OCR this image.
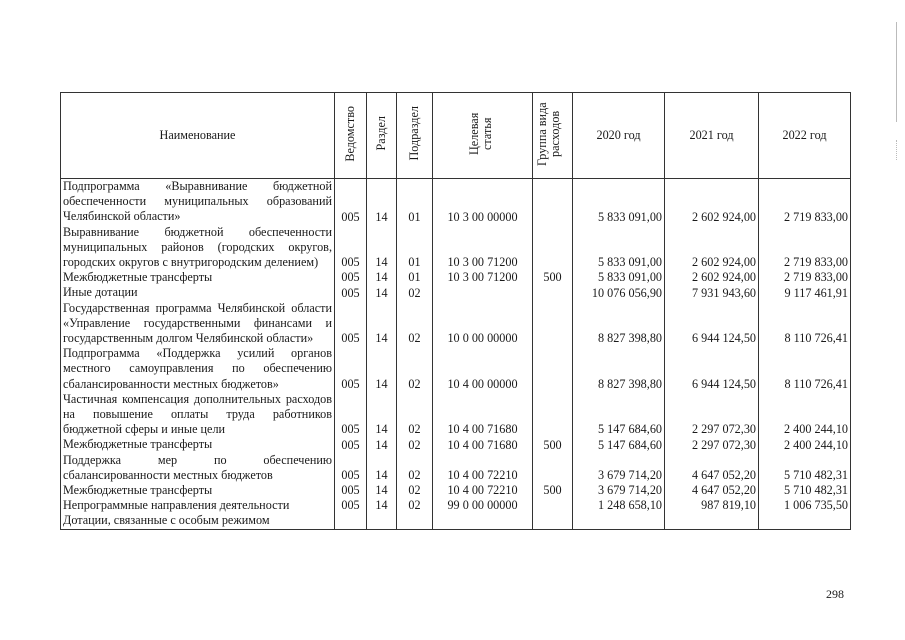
Наименование	Ведомство	Раздел	Подраздел	Целевая статья	Группа вида расходов	2020 год	2021 год	2022 год
Подпрограмма «Выравнивание бюджетной обеспеченности муниципальных образований Челябинской области»	005	14	01	10 3 00 00000		5 833 091,00	2 602 924,00	2 719 833,00
Выравнивание бюджетной обеспеченности муниципальных районов (городских округов, городских округов с внутригородским делением)	005	14	01	10 3 00 71200		5 833 091,00	2 602 924,00	2 719 833,00
Межбюджетные трансферты	005	14	01	10 3 00 71200	500	5 833 091,00	2 602 924,00	2 719 833,00
Иные дотации	005	14	02			10 076 056,90	7 931 943,60	9 117 461,91
Государственная программа Челябинской области «Управление государственными финансами и государственным долгом Челябинской области»	005	14	02	10 0 00 00000		8 827 398,80	6 944 124,50	8 110 726,41
Подпрограмма «Поддержка усилий органов местного самоуправления по обеспечению сбалансированности местных бюджетов»	005	14	02	10 4 00 00000		8 827 398,80	6 944 124,50	8 110 726,41
Частичная компенсация дополнительных расходов на повышение оплаты труда работников бюджетной сферы и иные цели	005	14	02	10 4 00 71680		5 147 684,60	2 297 072,30	2 400 244,10
Межбюджетные трансферты	005	14	02	10 4 00 71680	500	5 147 684,60	2 297 072,30	2 400 244,10
Поддержка мер по обеспечению сбалансированности местных бюджетов	005	14	02	10 4 00 72210		3 679 714,20	4 647 052,20	5 710 482,31
Межбюджетные трансферты	005	14	02	10 4 00 72210	500	3 679 714,20	4 647 052,20	5 710 482,31
Непрограммные направления деятельности	005	14	02	99 0 00 00000		1 248 658,10	987 819,10	1 006 735,50
Дотации, связанные с особым режимом								
298
